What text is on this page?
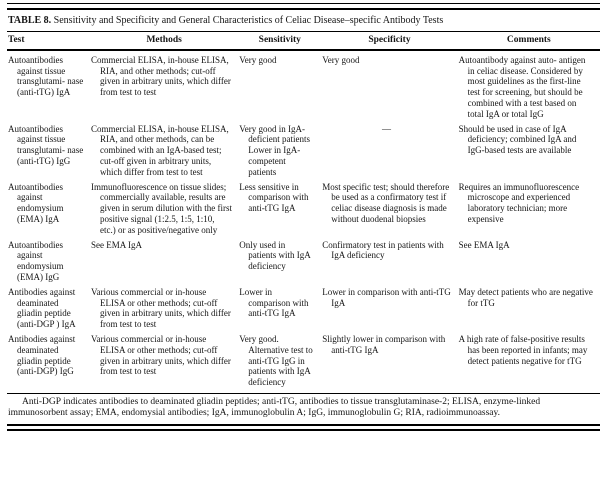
TABLE 8. Sensitivity and Specificity and General Characteristics of Celiac Disease–specific Antibody Tests
Test	Methods	Sensitivity	Specificity	Comments
Autoantibodies against tissue transglutami- nase (anti-tTG) IgA	Commercial ELISA, in-house ELISA, RIA, and other methods; cut-off given in arbitrary units, which differ from test to test	Very good	Very good	Autoantibody against auto- antigen in celiac disease. Considered by most guidelines as the first-line test for screening, but should be combined with a test based on total IgA or total IgG
Autoantibodies against tissue transglutami- nase (anti-tTG) IgG	Commercial ELISA, in-house ELISA, RIA, and other methods, can be combined with an IgA-based test; cut-off given in arbitrary units, which differ from test to test	Very good in IgA-deficient patients Lower in IgA-competent patients	—	Should be used in case of IgA deficiency; combined IgA and IgG-based tests are available
Autoantibodies against endomysium (EMA) IgA	Immunofluorescence on tissue slides; commercially available, results are given in serum dilution with the first positive signal (1:2.5, 1:5, 1:10, etc.) or as positive/negative only	Less sensitive in comparison with anti-tTG IgA	Most specific test; should therefore be used as a confirmatory test if celiac disease diagnosis is made without duodenal biopsies	Requires an immunofluorescence microscope and experienced laboratory technician; more expensive
Autoantibodies against endomysium (EMA) IgG	See EMA IgA	Only used in patients with IgA deficiency	Confirmatory test in patients with IgA deficiency	See EMA IgA
Antibodies against deaminated gliadin peptide (anti-DGP ) IgA	Various commercial or in-house ELISA or other methods; cut-off given in arbitrary units, which differ from test to test	Lower in comparison with anti-tTG IgA	Lower in comparison with anti-tTG IgA	May detect patients who are negative for tTG
Antibodies against deaminated gliadin peptide (anti-DGP) IgG	Various commercial or in-house ELISA or other methods; cut-off given in arbitrary units, which differ from test to test	Very good. Alternative test to anti-tTG IgG in patients with IgA deficiency	Slightly lower in comparison with anti-tTG IgA	A high rate of false-positive results has been reported in infants; may detect patients negative for tTG
Anti-DGP indicates antibodies to deaminated gliadin peptides; anti-tTG, antibodies to tissue transglutaminase-2; ELISA, enzyme-linked immunosorbent assay; EMA, endomysial antibodies; IgA, immunoglobulin A; IgG, immunoglobulin G; RIA, radioimmunoassay.
